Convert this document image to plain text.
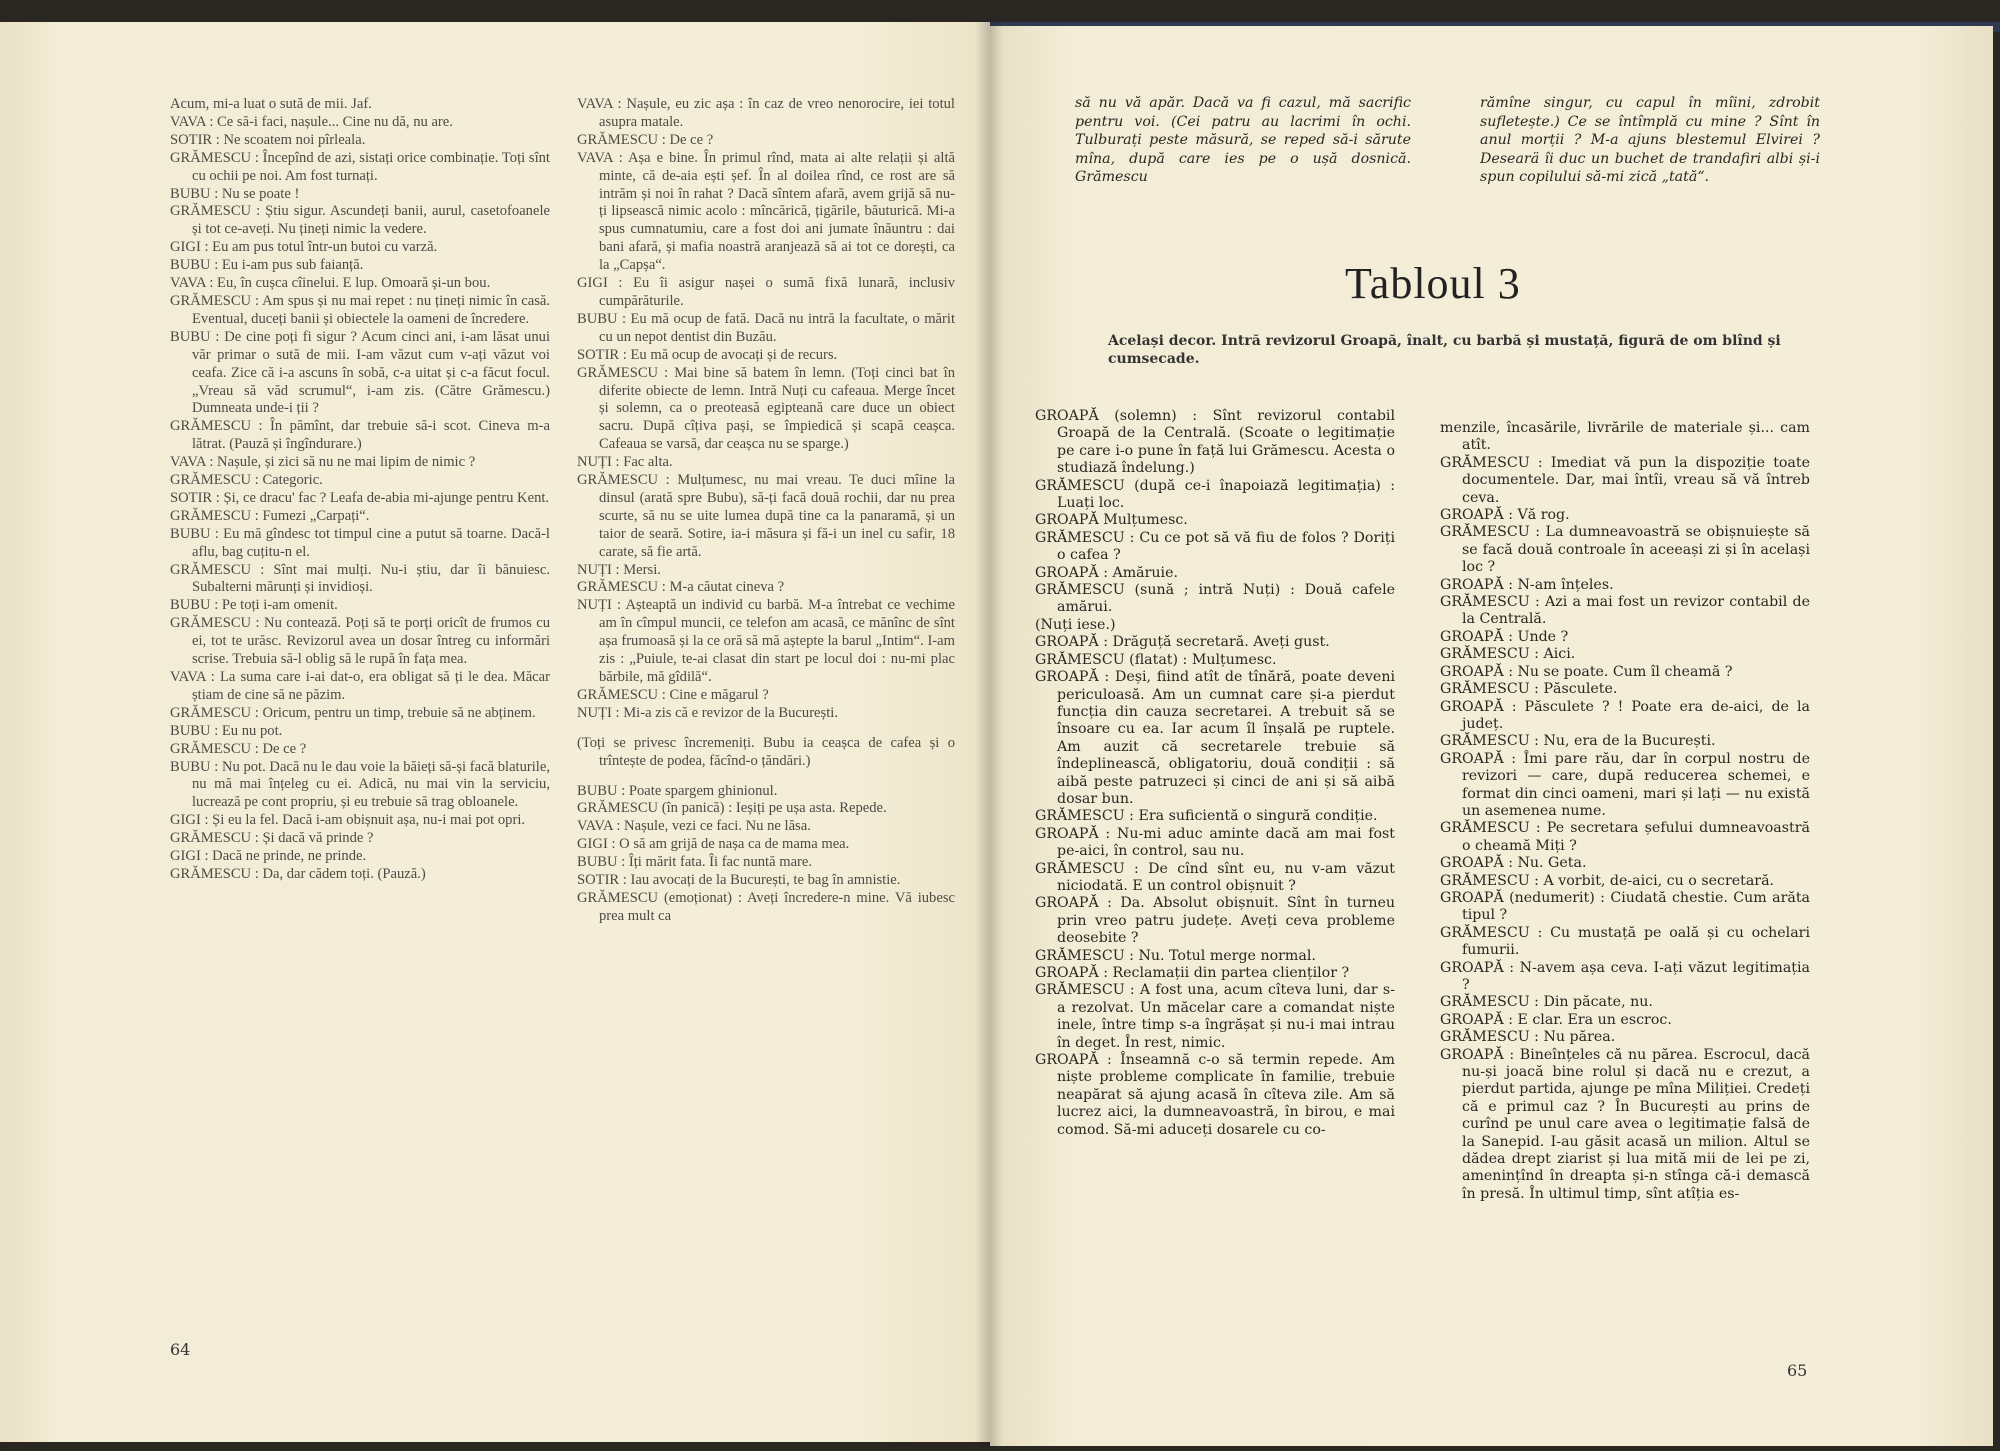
Acum, mi-a luat o sută de mii. Jaf.

VAVA : Ce să-i faci, nașule... Cine nu dă, nu are.

SOTIR : Ne scoatem noi pîrleala.

GRĂMESCU : Începînd de azi, sistați orice combinație. Toți sînt cu ochii pe noi. Am fost turnați.

BUBU : Nu se poate !

GRĂMESCU : Știu sigur. Ascundeți banii, aurul, casetofoanele și tot ce-aveți. Nu țineți nimic la vedere.

GIGI : Eu am pus totul într-un butoi cu varză.

BUBU : Eu i-am pus sub faianță.

VAVA : Eu, în cușca cîinelui. E lup. Omoară și-un bou.

GRĂMESCU : Am spus și nu mai repet : nu țineți nimic în casă. Eventual, duceți banii și obiectele la oameni de încredere.

BUBU : De cine poți fi sigur ? Acum cinci ani, i-am lăsat unui văr primar o sută de mii. I-am văzut cum v-ați văzut voi ceafa. Zice că i-a ascuns în sobă, c-a uitat și c-a făcut focul. „Vreau să văd scrumul“, i-am zis. (Către Grămescu.) Dumneata unde-i ții ?

GRĂMESCU : În pămînt, dar trebuie să-i scot. Cineva m-a lătrat. (Pauză și îngîndurare.)

VAVA : Nașule, și zici să nu ne mai lipim de nimic ?

GRĂMESCU : Categoric.

SOTIR : Și, ce dracu' fac ? Leafa de-abia mi-ajunge pentru Kent.

GRĂMESCU : Fumezi „Carpați“.

BUBU : Eu mă gîndesc tot timpul cine a putut să toarne. Dacă-l aflu, bag cuțitu-n el.

GRĂMESCU : Sînt mai mulți. Nu-i știu, dar îi bănuiesc. Subalterni mărunți și invidioși.

BUBU : Pe toți i-am omenit.

GRĂMESCU : Nu contează. Poți să te porți oricît de frumos cu ei, tot te urăsc. Revizorul avea un dosar întreg cu informări scrise. Trebuia să-l oblig să le rupă în fața mea.

VAVA : La suma care i-ai dat-o, era obligat să ți le dea. Măcar știam de cine să ne păzim.

GRĂMESCU : Oricum, pentru un timp, trebuie să ne abținem.

BUBU : Eu nu pot.

GRĂMESCU : De ce ?

BUBU : Nu pot. Dacă nu le dau voie la băieți să-și facă blaturile, nu mă mai înțeleg cu ei. Adică, nu mai vin la serviciu, lucrează pe cont propriu, și eu trebuie să trag obloanele.

GIGI : Și eu la fel. Dacă i-am obișnuit așa, nu-i mai pot opri.

GRĂMESCU : Și dacă vă prinde ?

GIGI : Dacă ne prinde, ne prinde.

GRĂMESCU : Da, dar cădem toți. (Pauză.)

VAVA : Nașule, eu zic așa : în caz de vreo nenorocire, iei totul asupra matale.

GRĂMESCU : De ce ?

VAVA : Așa e bine. În primul rînd, mata ai alte relații și altă minte, că de-aia ești șef. În al doilea rînd, ce rost are să intrăm și noi în rahat ? Dacă sîntem afară, avem grijă să nu-ți lipsească nimic acolo : mîncărică, țigările, băuturică. Mi-a spus cumnatumiu, care a fost doi ani jumate înăuntru : dai bani afară, și mafia noastră aranjează să ai tot ce dorești, ca la „Capșa“.

GIGI : Eu îi asigur nașei o sumă fixă lunară, inclusiv cumpărăturile.

BUBU : Eu mă ocup de fată. Dacă nu intră la facultate, o mărit cu un nepot dentist din Buzău.

SOTIR : Eu mă ocup de avocați și de recurs.

GRĂMESCU : Mai bine să batem în lemn. (Toți cinci bat în diferite obiecte de lemn. Intră Nuți cu cafeaua. Merge încet și solemn, ca o preoteasă egipteană care duce un obiect sacru. După cîțiva pași, se împiedică și scapă ceașca. Cafeaua se varsă, dar ceașca nu se sparge.)

NUȚI : Fac alta.

GRĂMESCU : Mulțumesc, nu mai vreau. Te duci mîine la dinsul (arată spre Bubu), să-ți facă două rochii, dar nu prea scurte, să nu se uite lumea după tine ca la panaramă, și un taior de seară. Sotire, ia-i măsura și fă-i un inel cu safir, 18 carate, să fie artă.

NUȚI : Mersi.

GRĂMESCU : M-a căutat cineva ?

NUȚI : Așteaptă un individ cu barbă. M-a întrebat ce vechime am în cîmpul muncii, ce telefon am acasă, ce mănînc de sînt așa frumoasă și la ce oră să mă aștepte la barul „Intim“. I-am zis : „Puiule, te-ai clasat din start pe locul doi : nu-mi plac bărbile, mă gîdilă“.

GRĂMESCU : Cine e măgarul ?

NUȚI : Mi-a zis că e revizor de la București.

(Toți se privesc încremeniți. Bubu ia ceașca de cafea și o trîntește de podea, făcînd-o țăndări.)

BUBU : Poate spargem ghinionul.

GRĂMESCU (în panică) : Ieșiți pe ușa asta. Repede.

VAVA : Nașule, vezi ce faci. Nu ne lăsa.

GIGI : O să am grijă de nașa ca de mama mea.

BUBU : Îți mărit fata. Îi fac nuntă mare.

SOTIR : Iau avocați de la București, te bag în amnistie.

GRĂMESCU (emoționat) : Aveți încredere-n mine. Vă iubesc prea mult ca

64
să nu vă apăr. Dacă va fi cazul, mă sacrific pentru voi. (Cei patru au lacrimi în ochi. Tulburați peste măsură, se reped să-i sărute mîna, după care ies pe o ușă dosnică. Grămescu
rămîne singur, cu capul în mîini, zdrobit sufletește.) Ce se întîmplă cu mine ? Sînt în anul morții ? M-a ajuns blestemul Elvirei ? Desearä îi duc un buchet de trandafiri albi și-i spun copilului să-mi zică „tată“.
Tabloul 3
Același decor. Intră revizorul Groapă, înalt, cu barbă și mustață, figură de om blînd și cumsecade.

GROAPĂ (solemn) : Sînt revizorul contabil Groapă de la Centrală. (Scoate o legitimație pe care i-o pune în față lui Grămescu. Acesta o studiază îndelung.)

GRĂMESCU (după ce-i înapoiază legitimația) : Luați loc.

GROAPĂ Mulțumesc.

GRĂMESCU : Cu ce pot să vă fiu de folos ? Doriți o cafea ?

GROAPĂ : Amăruie.

GRĂMESCU (sună ; intră Nuți) : Două cafele amărui.

(Nuți iese.)

GROAPĂ : Drăguță secretară. Aveți gust.

GRĂMESCU (flatat) : Mulțumesc.

GROAPĂ : Deși, fiind atît de tînără, poate deveni periculoasă. Am un cumnat care și-a pierdut funcția din cauza secretarei. A trebuit să se însoare cu ea. Iar acum îl înșală pe ruptele. Am auzit că secretarele trebuie să îndeplinească, obligatoriu, două condiții : să aibă peste patruzeci și cinci de ani și să aibă dosar bun.

GRĂMESCU : Era suficientă o singură condiție.

GROAPĂ : Nu-mi aduc aminte dacă am mai fost pe-aici, în control, sau nu.

GRĂMESCU : De cînd sînt eu, nu v-am văzut niciodată. E un control obișnuit ?

GROAPĂ : Da. Absolut obișnuit. Sînt în turneu prin vreo patru județe. Aveți ceva probleme deosebite ?

GRĂMESCU : Nu. Totul merge normal.

GROAPĂ : Reclamații din partea clienților ?

GRĂMESCU : A fost una, acum cîteva luni, dar s-a rezolvat. Un măcelar care a comandat niște inele, între timp s-a îngrășat și nu-i mai intrau în deget. În rest, nimic.

GROAPĂ : Înseamnă c-o să termin repede. Am niște probleme complicate în familie, trebuie neapărat să ajung acasă în cîteva zile. Am să lucrez aici, la dumneavoastră, în birou, e mai comod. Să-mi aduceți dosarele cu co-

menzile, încasările, livrările de materiale și... cam atît.

GRĂMESCU : Imediat vă pun la dispoziție toate documentele. Dar, mai întîi, vreau să vă întreb ceva.

GROAPĂ : Vă rog.

GRĂMESCU : La dumneavoastră se obișnuiește să se facă două controale în aceeași zi și în același loc ?

GROAPĂ : N-am înțeles.

GRĂMESCU : Azi a mai fost un revizor contabil de la Centrală.

GROAPĂ : Unde ?

GRĂMESCU : Aici.

GROAPĂ : Nu se poate. Cum îl cheamă ?

GRĂMESCU : Păsculete.

GROAPĂ : Păsculete ? ! Poate era de-aici, de la județ.

GRĂMESCU : Nu, era de la București.

GROAPĂ : Îmi pare rău, dar în corpul nostru de revizori — care, după reducerea schemei, e format din cinci oameni, mari și lați — nu există un asemenea nume.

GRĂMESCU : Pe secretara șefului dumneavoastră o cheamă Miți ?

GROAPĂ : Nu. Geta.

GRĂMESCU : A vorbit, de-aici, cu o secretară.

GROAPĂ (nedumerit) : Ciudată chestie. Cum arăta tipul ?

GRĂMESCU : Cu mustață pe oală și cu ochelari fumurii.

GROAPĂ : N-avem așa ceva. I-ați văzut legitimația ?

GRĂMESCU : Din păcate, nu.

GROAPĂ : E clar. Era un escroc.

GRĂMESCU : Nu părea.

GROAPĂ : Bineînțeles că nu părea. Escrocul, dacă nu-și joacă bine rolul și dacă nu e crezut, a pierdut partida, ajunge pe mîna Miliției. Credeți că e primul caz ? În București au prins de curînd pe unul care avea o legitimație falsă de la Sanepid. I-au găsit acasă un milion. Altul se dădea drept ziarist și lua mită mii de lei pe zi, amenințînd în dreapta și-n stînga că-i demască în presă. În ultimul timp, sînt atîția es-

65
